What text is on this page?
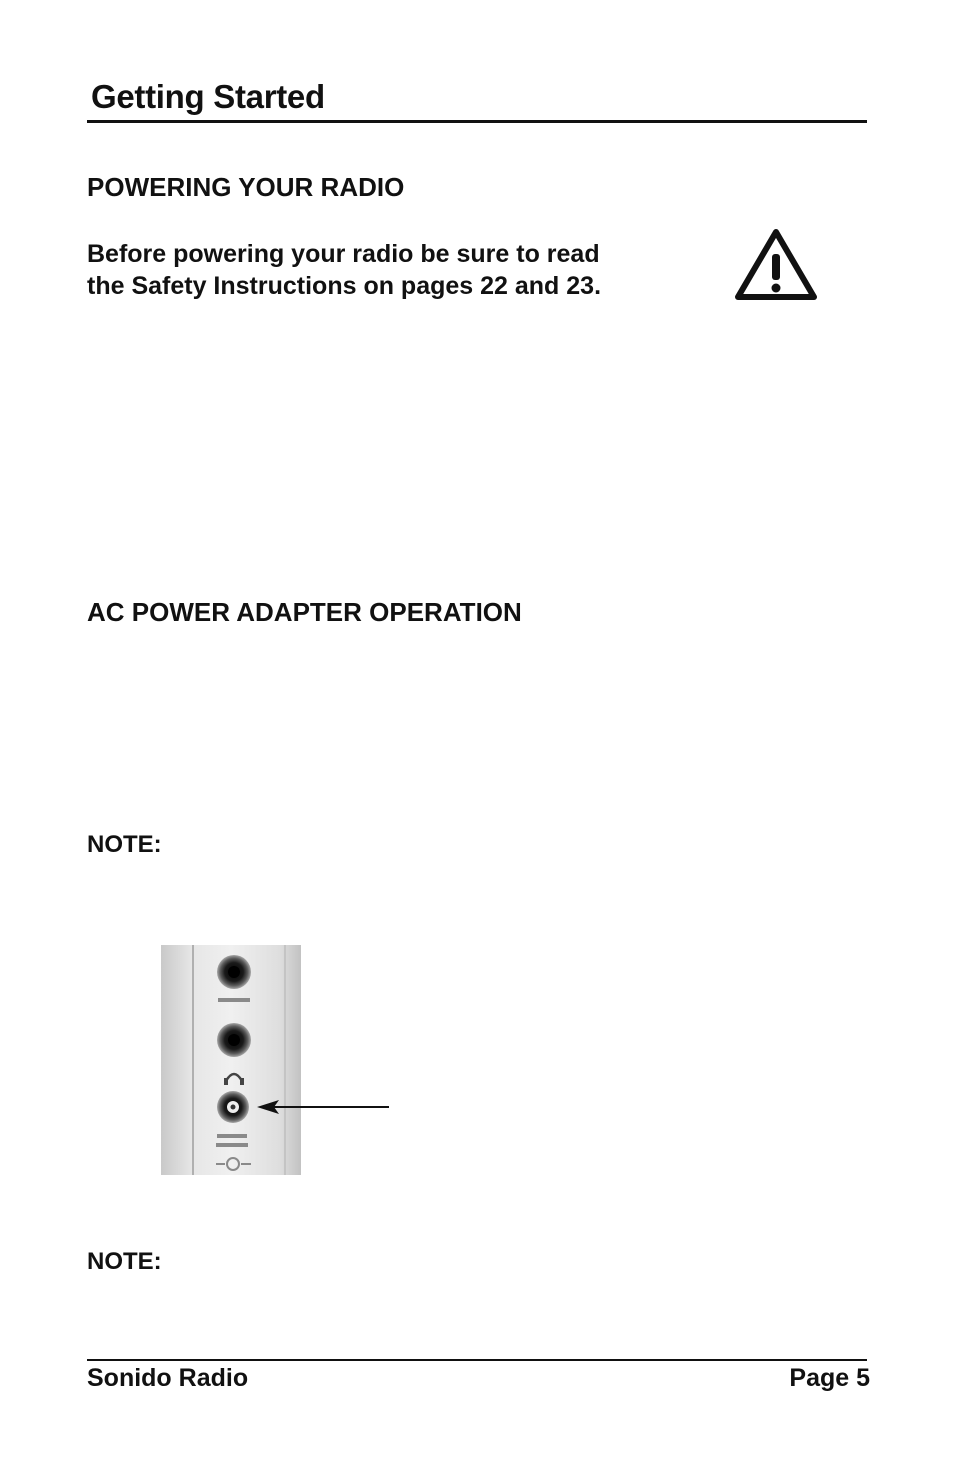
Getting Started
POWERING YOUR RADIO

Before powering your radio be sure to read
the Safety Instructions on pages 22 and 23.

AC POWER ADAPTER OPERATION
NOTE:
NOTE:
Sonido Radio	Page 5
